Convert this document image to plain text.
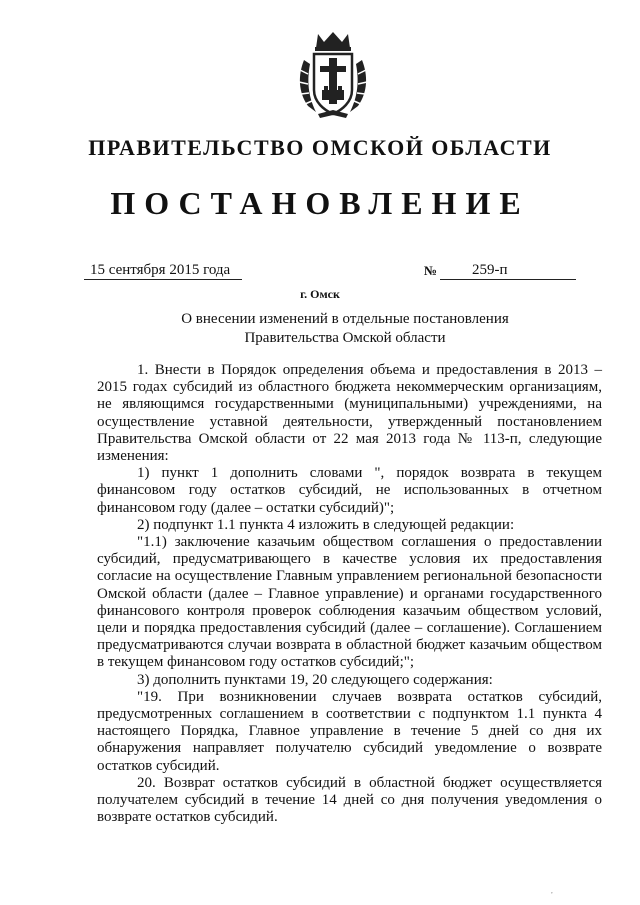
ПРАВИТЕЛЬСТВО ОМСКОЙ ОБЛАСТИ
ПОСТАНОВЛЕНИЕ
15 сентября 2015 года	№	259-п
г. Омск
О внесении изменений в отдельные постановления
Правительства Омской области

1. Внести в Порядок определения объема и предоставления в 2013 – 2015 годах субсидий из областного бюджета некоммерческим организациям, не являющимся государственными (муниципальными) учреждениями, на осуществление уставной деятельности, утвержденный постановлением Правительства Омской области от 22 мая 2013 года № 113-п, следующие изменения:

1) пункт 1 дополнить словами ", порядок возврата в текущем финансовом году остатков субсидий, не использованных в отчетном финансовом году (далее – остатки субсидий)";

2) подпункт 1.1 пункта 4 изложить в следующей редакции:

"1.1) заключение казачьим обществом соглашения о предоставлении субсидий, предусматривающего в качестве условия их предоставления согласие на осуществление Главным управлением региональной безопасности Омской области (далее – Главное управление) и органами государственного финансового контроля проверок соблюдения казачьим обществом условий, цели и порядка предоставления субсидий (далее – соглашение). Соглашением предусматриваются случаи возврата в областной бюджет казачьим обществом в текущем финансовом году остатков субсидий;";

3) дополнить пунктами 19, 20 следующего содержания:

"19. При возникновении случаев возврата остатков субсидий, предусмотренных соглашением в соответствии с подпунктом 1.1 пункта 4 настоящего Порядка, Главное управление в течение 5 дней со дня их обнаружения направляет получателю субсидий уведомление о возврате остатков субсидий.

20. Возврат остатков субсидий в областной бюджет осуществляется получателем субсидий в течение 14 дней со дня получения уведомления о возврате остатков субсидий.

,
